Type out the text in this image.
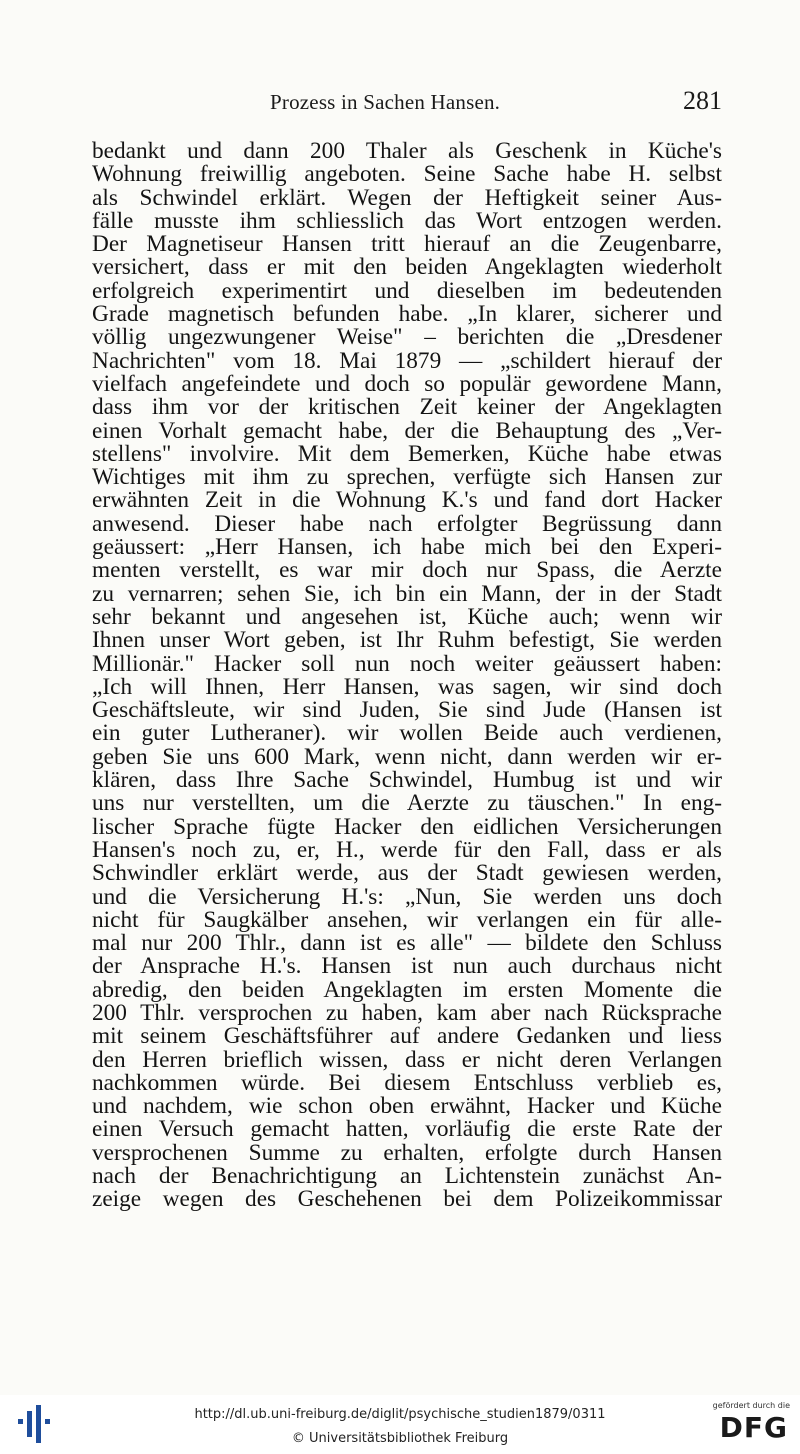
Prozess in Sachen Hansen.	281
bedankt und dann 200 Thaler als Geschenk in Küche's
Wohnung freiwillig angeboten. Seine Sache habe H. selbst
als Schwindel erklärt. Wegen der Heftigkeit seiner Aus-
fälle musste ihm schliesslich das Wort entzogen werden.
Der Magnetiseur Hansen tritt hierauf an die Zeugenbarre,
versichert, dass er mit den beiden Angeklagten wiederholt
erfolgreich experimentirt und dieselben im bedeutenden
Grade magnetisch befunden habe. „In klarer, sicherer und
völlig ungezwungener Weise" – berichten die „Dresdener
Nachrichten" vom 18. Mai 1879 — „schildert hierauf der
vielfach angefeindete und doch so populär gewordene Mann,
dass ihm vor der kritischen Zeit keiner der Angeklagten
einen Vorhalt gemacht habe, der die Behauptung des „Ver-
stellens" involvire. Mit dem Bemerken, Küche habe etwas
Wichtiges mit ihm zu sprechen, verfügte sich Hansen zur
erwähnten Zeit in die Wohnung K.'s und fand dort Hacker
anwesend. Dieser habe nach erfolgter Begrüssung dann
geäussert: „Herr Hansen, ich habe mich bei den Experi-
menten verstellt, es war mir doch nur Spass, die Aerzte
zu vernarren; sehen Sie, ich bin ein Mann, der in der Stadt
sehr bekannt und angesehen ist, Küche auch; wenn wir
Ihnen unser Wort geben, ist Ihr Ruhm befestigt, Sie werden
Millionär." Hacker soll nun noch weiter geäussert haben:
„Ich will Ihnen, Herr Hansen, was sagen, wir sind doch
Geschäftsleute, wir sind Juden, Sie sind Jude (Hansen ist
ein guter Lutheraner). wir wollen Beide auch verdienen,
geben Sie uns 600 Mark, wenn nicht, dann werden wir er-
klären, dass Ihre Sache Schwindel, Humbug ist und wir
uns nur verstellten, um die Aerzte zu täuschen." In eng-
lischer Sprache fügte Hacker den eidlichen Versicherungen
Hansen's noch zu, er, H., werde für den Fall, dass er als
Schwindler erklärt werde, aus der Stadt gewiesen werden,
und die Versicherung H.'s: „Nun, Sie werden uns doch
nicht für Saugkälber ansehen, wir verlangen ein für alle-
mal nur 200 Thlr., dann ist es alle" — bildete den Schluss
der Ansprache H.'s. Hansen ist nun auch durchaus nicht
abredig, den beiden Angeklagten im ersten Momente die
200 Thlr. versprochen zu haben, kam aber nach Rücksprache
mit seinem Geschäftsführer auf andere Gedanken und liess
den Herren brieflich wissen, dass er nicht deren Verlangen
nachkommen würde. Bei diesem Entschluss verblieb es,
und nachdem, wie schon oben erwähnt, Hacker und Küche
einen Versuch gemacht hatten, vorläufig die erste Rate der
versprochenen Summe zu erhalten, erfolgte durch Hansen
nach der Benachrichtigung an Lichtenstein zunächst An-
zeige wegen des Geschehenen bei dem Polizeikommissar
http://dl.ub.uni-freiburg.de/diglit/psychische_studien1879/0311
© Universitätsbibliothek Freiburg
gefördert durch die
DFG
